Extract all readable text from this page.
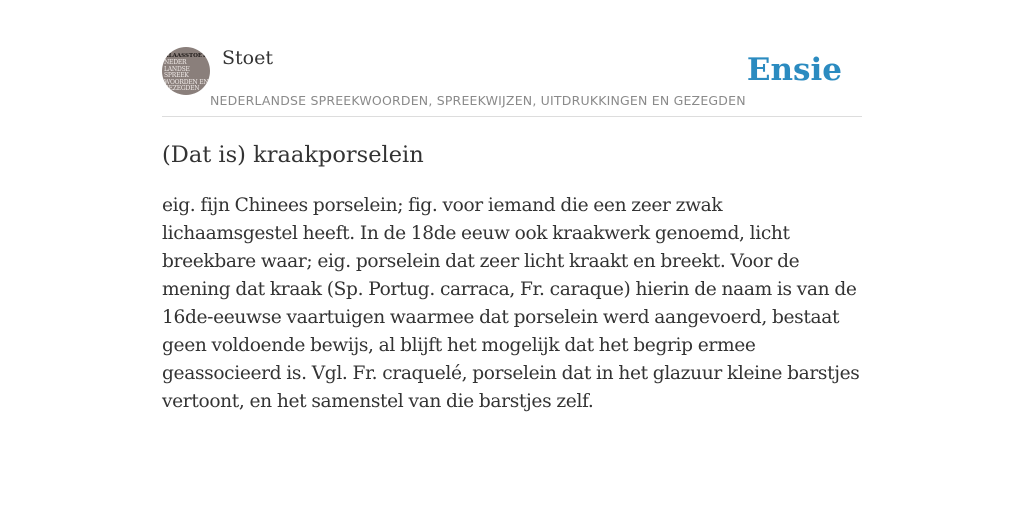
KLAASSTOET
NEDER
LANDSE
SPREEK
WOORDEN EN
GEZEGDEN
Stoet
NEDERLANDSE SPREEKWOORDEN, SPREEKWIJZEN, UITDRUKKINGEN EN GEZEGDEN
Ensie
(Dat is) kraakporselein

eig. fijn Chinees porselein; fig. voor iemand die een zeer zwak lichaamsgestel heeft. In de 18de eeuw ook kraakwerk genoemd, licht breekbare waar; eig. porselein dat zeer licht kraakt en breekt. Voor de mening dat kraak (Sp. Portug. carraca, Fr. caraque) hierin de naam is van de 16de-eeuwse vaartuigen waarmee dat porselein werd aangevoerd, bestaat geen voldoende bewijs, al blijft het mogelijk dat het begrip ermee geassocieerd is. Vgl. Fr. craquelé, porselein dat in het glazuur kleine barstjes vertoont, en het samenstel van die barstjes zelf.
